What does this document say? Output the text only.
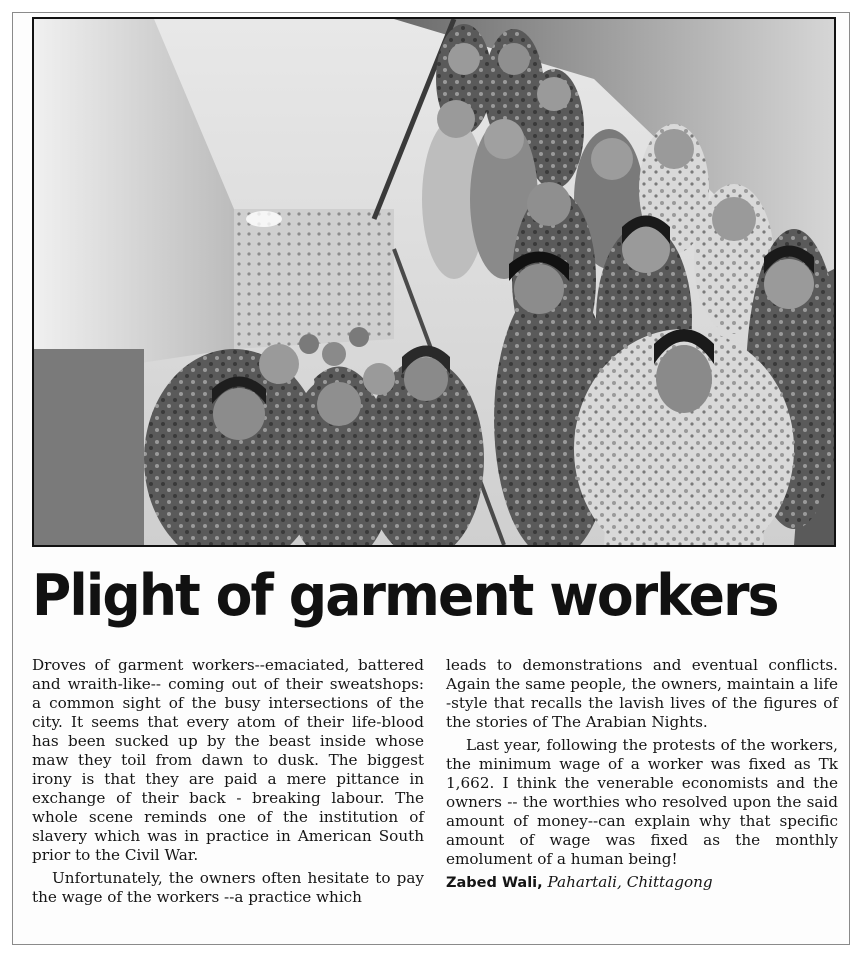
Plight of garment workers

Droves of garment workers--emaciated, battered and wraith-like-- coming out of their sweatshops: a common sight of the busy intersections of the city. It seems that every atom of their life-blood has been sucked up by the beast inside whose maw they toil from dawn to dusk. The biggest irony is that they are paid a mere pittance in exchange of their back - breaking labour. The whole scene reminds one of the institution of slavery which was in practice in American South prior to the Civil War.

Unfortunately, the owners often hesitate to pay the wage of the workers --a practice which

leads to demonstrations and eventual conflicts. Again the same people, the owners, maintain a life -style that recalls the lavish lives of the figures of the stories of The Arabian Nights.

Last year, following the protests of the workers, the minimum wage of a worker was fixed as Tk 1,662. I think the venerable economists and the owners -- the worthies who resolved upon the said amount of money--can explain why that specific amount of wage was fixed as the monthly emolument of a human being!

Zabed Wali, Pahartali, Chittagong
